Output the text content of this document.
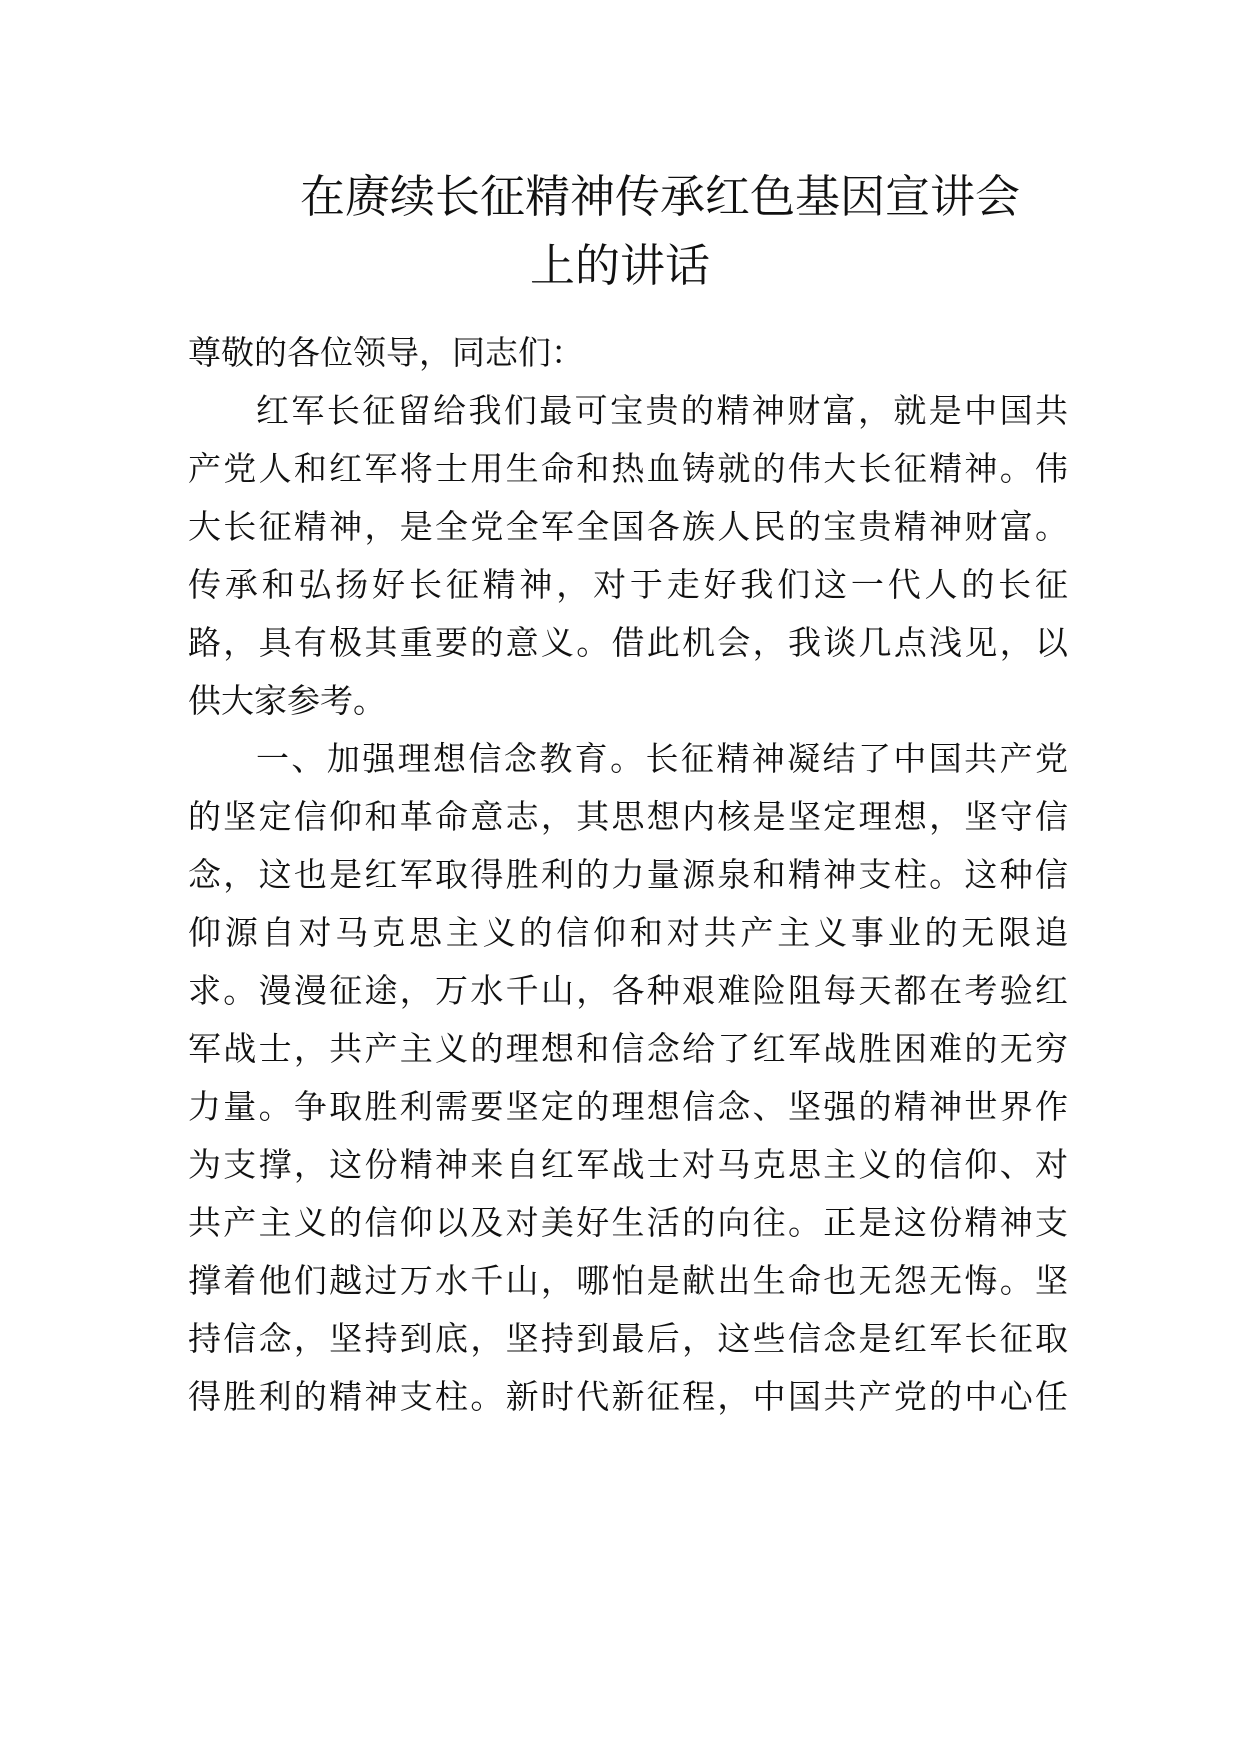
在赓续长征精神传承红色基因宣讲会
上的讲话
尊敬的各位领导，同志们：
红军长征留给我们最可宝贵的精神财富，就是中国共
产党人和红军将士用生命和热血铸就的伟大长征精神。伟
大长征精神，是全党全军全国各族人民的宝贵精神财富。
传承和弘扬好长征精神，对于走好我们这一代人的长征
路，具有极其重要的意义。借此机会，我谈几点浅见，以
供大家参考。
一、加强理想信念教育。长征精神凝结了中国共产党
的坚定信仰和革命意志，其思想内核是坚定理想，坚守信
念，这也是红军取得胜利的力量源泉和精神支柱。这种信
仰源自对马克思主义的信仰和对共产主义事业的无限追
求。漫漫征途，万水千山，各种艰难险阻每天都在考验红
军战士，共产主义的理想和信念给了红军战胜困难的无穷
力量。争取胜利需要坚定的理想信念、坚强的精神世界作
为支撑，这份精神来自红军战士对马克思主义的信仰、对
共产主义的信仰以及对美好生活的向往。正是这份精神支
撑着他们越过万水千山，哪怕是献出生命也无怨无悔。坚
持信念，坚持到底，坚持到最后，这些信念是红军长征取
得胜利的精神支柱。新时代新征程，中国共产党的中心任
